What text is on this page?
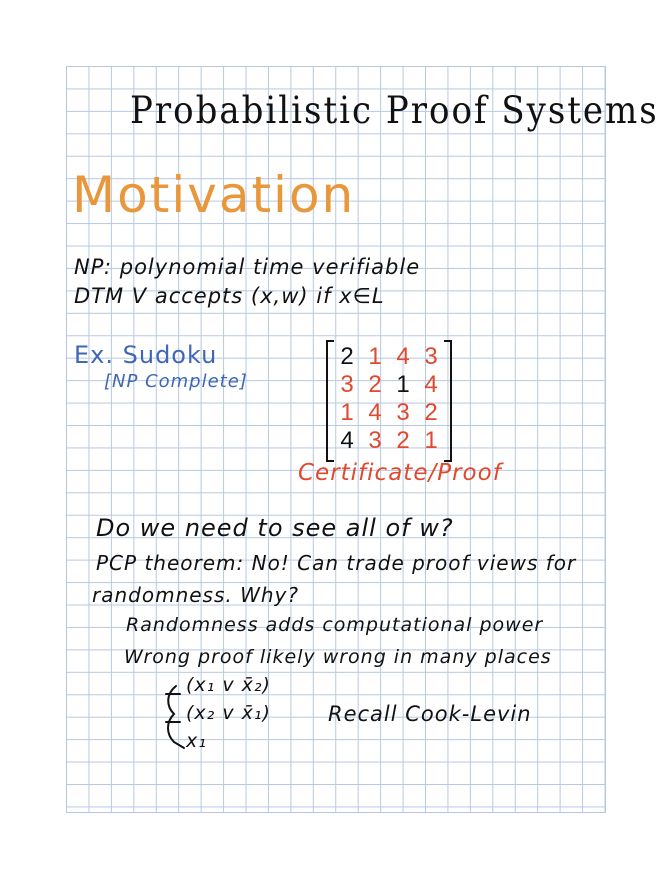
Probabilistic Proof Systems
Motivation
NP: polynomial time verifiable
DTM V accepts (x,w) if x∈L
Ex. Sudoku
[NP Complete]
2 1 4 3
3 2 1 4
1 4 3 2
4 3 2 1
Certificate/Proof
Do we need to see all of w?
PCP theorem: No! Can trade proof views for
randomness. Why?
Randomness adds computational power
Wrong proof likely wrong in many places
(x₁ v x̄₂)
(x₂ v x̄₁)
x₁
Recall Cook-Levin
